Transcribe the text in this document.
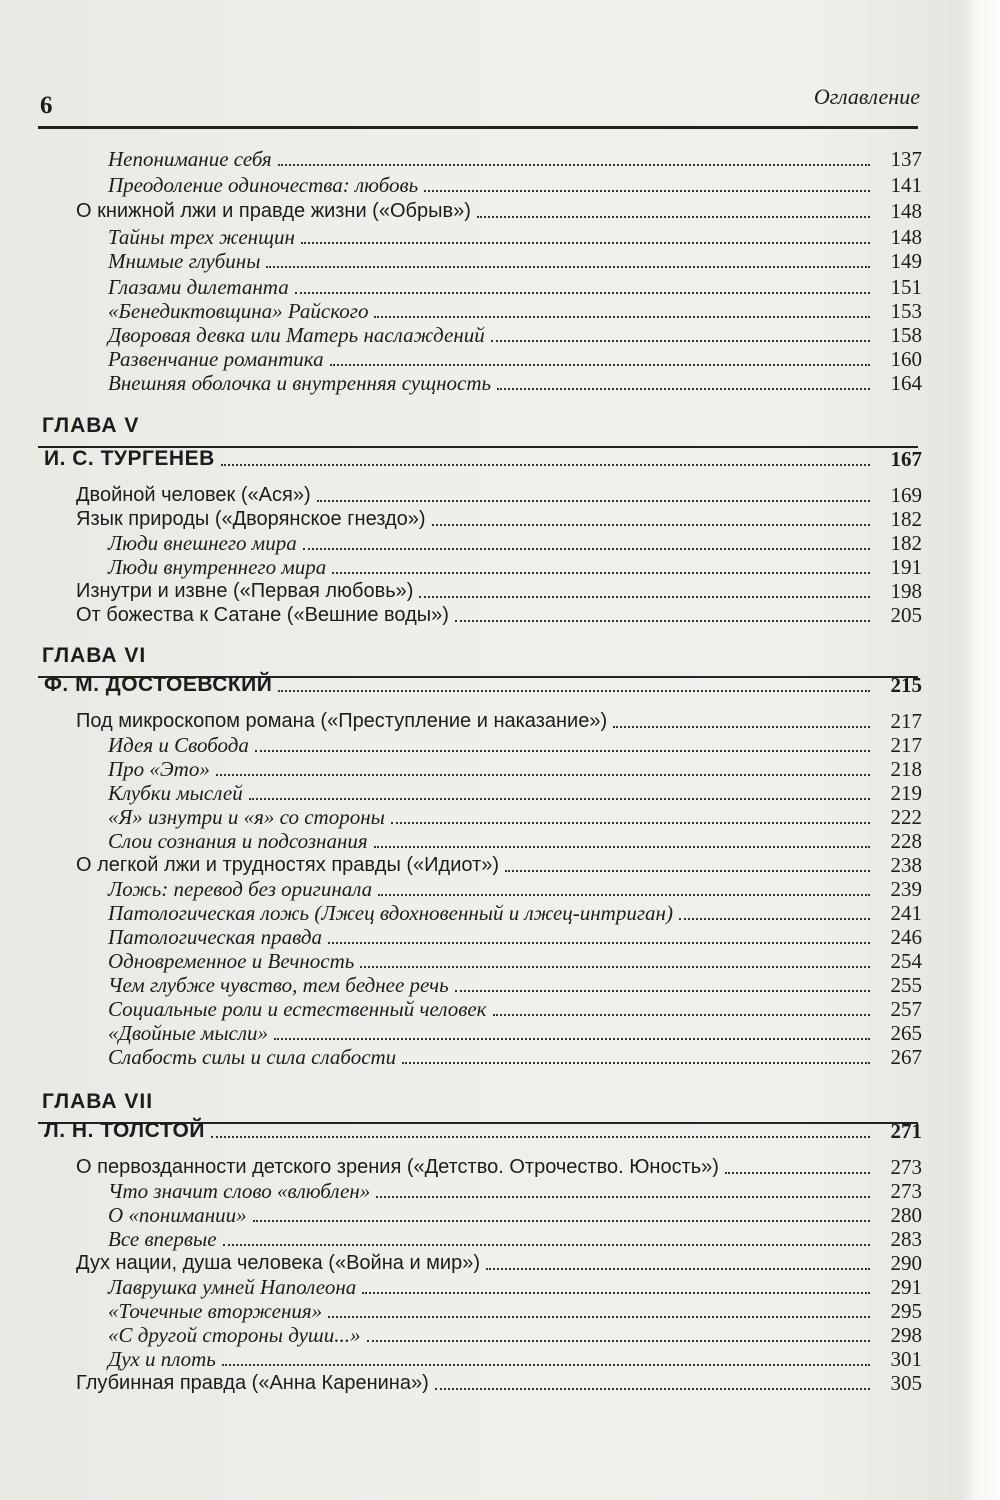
6	Оглавление
Непонимание себя	137
Преодоление одиночества: любовь	141
О книжной лжи и правде жизни («Обрыв»)	148
Тайны трех женщин	148
Мнимые глубины	149
Глазами дилетанта	151
«Бенедиктовщина» Райского	153
Дворовая девка или Матерь наслаждений	158
Развенчание романтика	160
Внешняя оболочка и внутренняя сущность	164
ГЛАВА V
И. С. ТУРГЕНЕВ	167
Двойной человек («Ася»)	169
Язык природы («Дворянское гнездо»)	182
Люди внешнего мира	182
Люди внутреннего мира	191
Изнутри и извне («Первая любовь»)	198
От божества к Сатане («Вешние воды»)	205
ГЛАВА VI
Ф. М. ДОСТОЕВСКИЙ	215
Под микроскопом романа («Преступление и наказание»)	217
Идея и Свобода	217
Про «Это»	218
Клубки мыслей	219
«Я» изнутри и «я» со стороны	222
Слои сознания и подсознания	228
О легкой лжи и трудностях правды («Идиот»)	238
Ложь: перевод без оригинала	239
Патологическая ложь (Лжец вдохновенный и лжец-интриган)	241
Патологическая правда	246
Одновременное и Вечность	254
Чем глубже чувство, тем беднее речь	255
Социальные роли и естественный человек	257
«Двойные мысли»	265
Слабость силы и сила слабости	267
ГЛАВА VII
Л. Н. ТОЛСТОЙ	271
О первозданности детского зрения («Детство. Отрочество. Юность»)	273
Что значит слово «влюблен»	273
О «понимании»	280
Все впервые	283
Дух нации, душа человека («Война и мир»)	290
Лаврушка умней Наполеона	291
«Точечные вторжения»	295
«С другой стороны души...»	298
Дух и плоть	301
Глубинная правда («Анна Каренина»)	305
